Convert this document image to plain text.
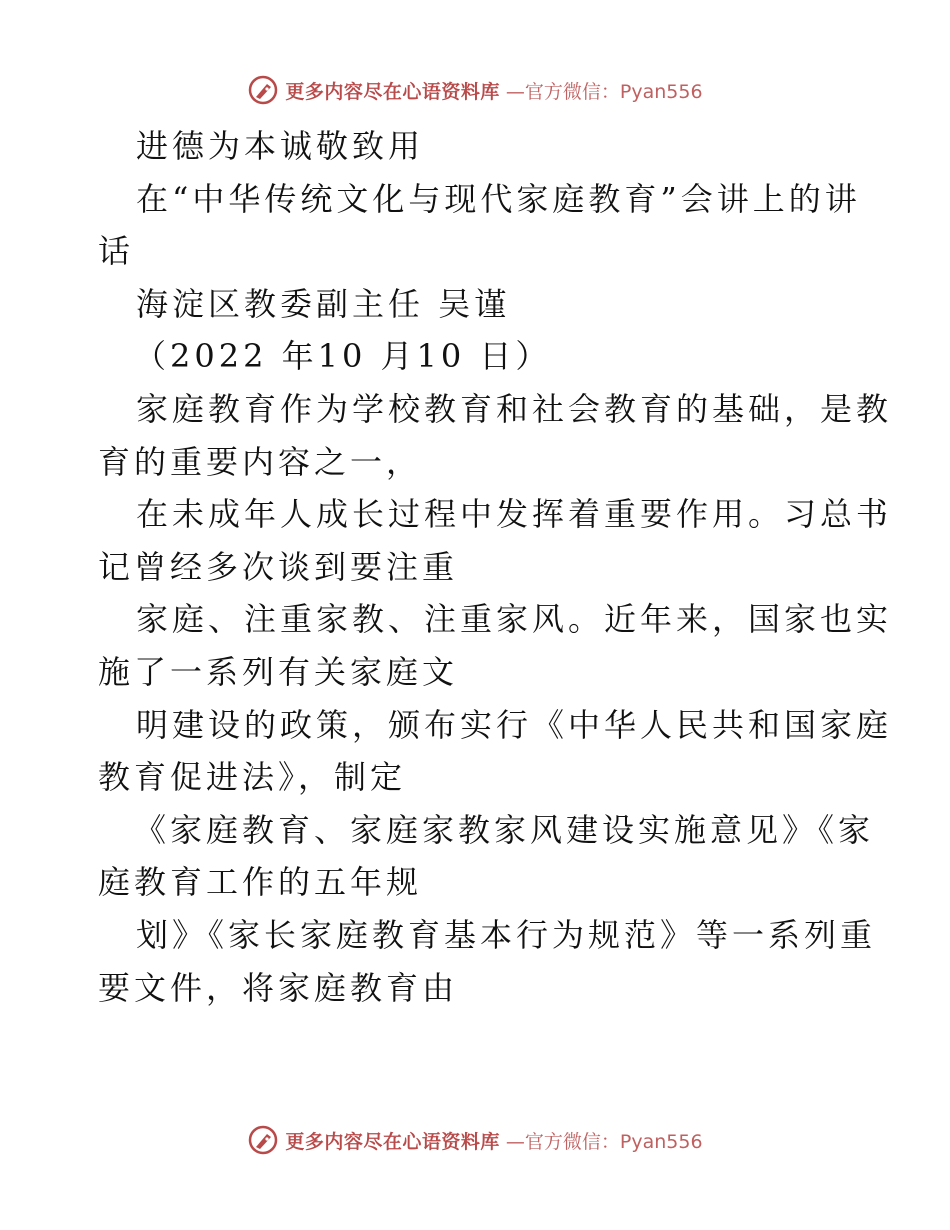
更多内容尽在心语资料库 —官方微信：Pyan556
进德为本诚敬致用
在“中华传统文化与现代家庭教育”会讲上的讲
话
海淀区教委副主任 吴谨
（2022 年10 月10 日）
家庭教育作为学校教育和社会教育的基础，是教
育的重要内容之一，
在未成年人成长过程中发挥着重要作用。习总书
记曾经多次谈到要注重
家庭、注重家教、注重家风。近年来，国家也实
施了一系列有关家庭文
明建设的政策，颁布实行《中华人民共和国家庭
教育促进法》，制定
《家庭教育、家庭家教家风建设实施意见》《家
庭教育工作的五年规
划》《家长家庭教育基本行为规范》等一系列重
要文件，将家庭教育由
更多内容尽在心语资料库 —官方微信：Pyan556
